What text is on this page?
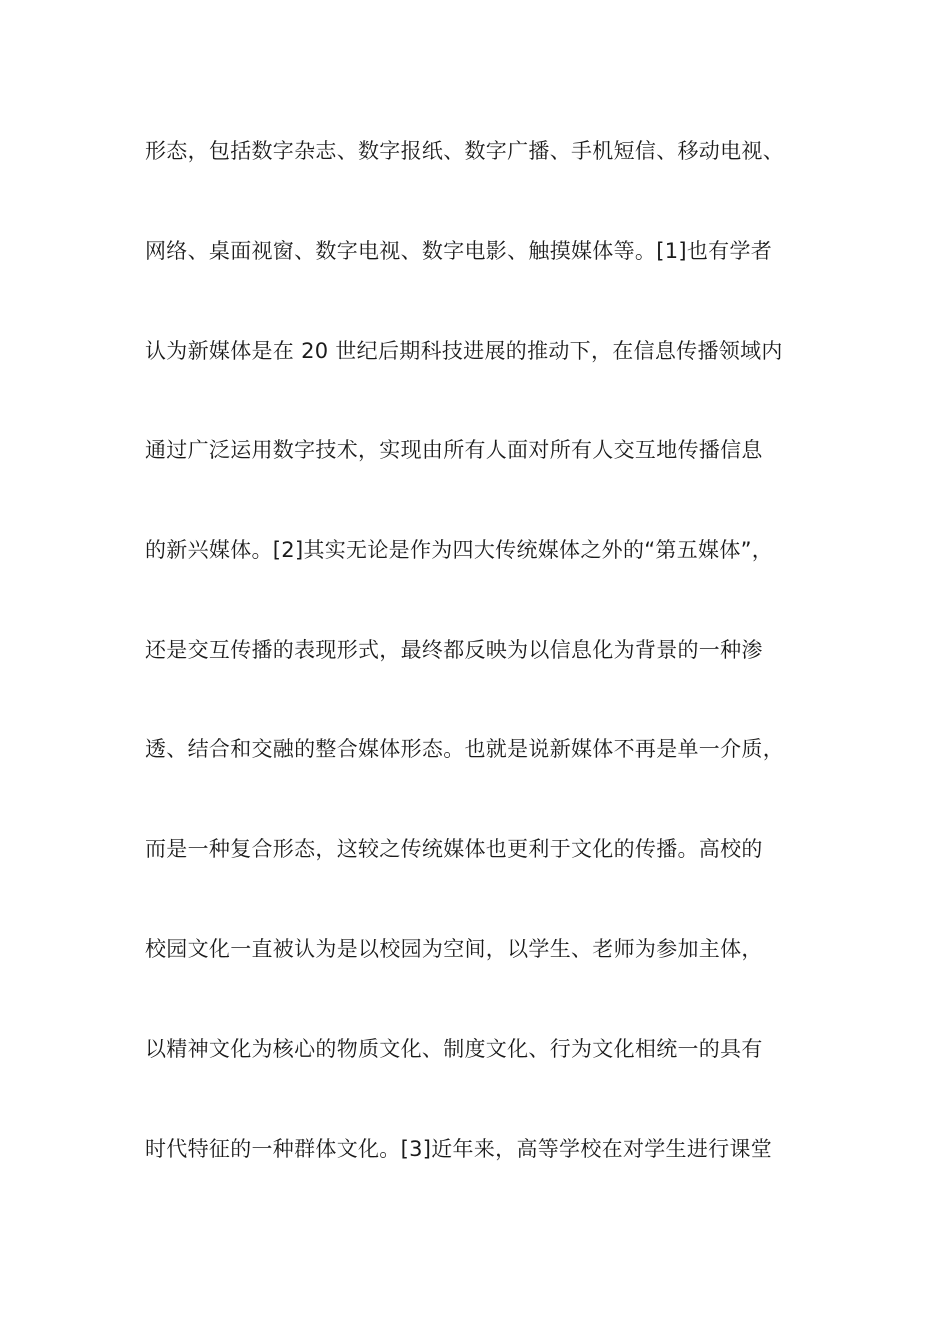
形态，包括数字杂志、数字报纸、数字广播、手机短信、移动电视、
网络、桌面视窗、数字电视、数字电影、触摸媒体等。[1]也有学者
认为新媒体是在 20 世纪后期科技进展的推动下，在信息传播领域内
通过广泛运用数字技术，实现由所有人面对所有人交互地传播信息
的新兴媒体。[2]其实无论是作为四大传统媒体之外的“第五媒体”，
还是交互传播的表现形式，最终都反映为以信息化为背景的一种渗
透、结合和交融的整合媒体形态。也就是说新媒体不再是单一介质，
而是一种复合形态，这较之传统媒体也更利于文化的传播。高校的
校园文化一直被认为是以校园为空间，以学生、老师为参加主体，
以精神文化为核心的物质文化、制度文化、行为文化相统一的具有
时代特征的一种群体文化。[3]近年来，高等学校在对学生进行课堂
